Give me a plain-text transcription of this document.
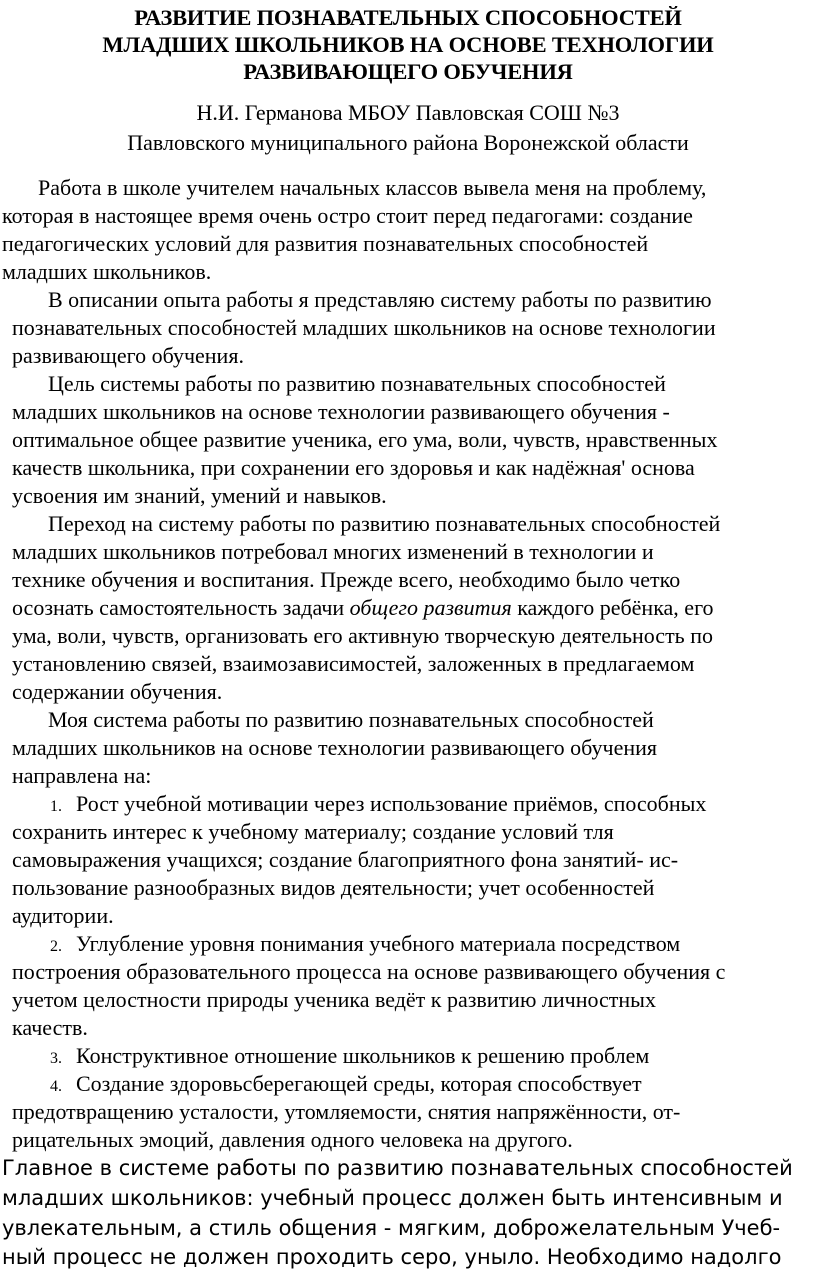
РАЗВИТИЕ ПОЗНАВАТЕЛЬНЫХ СПОСОБНОСТЕЙ
МЛАДШИХ ШКОЛЬНИКОВ НА ОСНОВЕ ТЕХНОЛОГИИ
РАЗВИВАЮЩЕГО ОБУЧЕНИЯ
Н.И. Германова МБОУ Павловская СОШ №3
Павловского муниципального района Воронежской области
Работа в школе учителем начальных классов вывела меня на проблему,
которая в настоящее время очень остро стоит перед педагогами: создание
педагогических условий для развития познавательных способностей
младших школьников.
В описании опыта работы я представляю систему работы по развитию
познавательных способностей младших школьников на основе технологии
развивающего обучения.
Цель системы работы по развитию познавательных способностей
младших школьников на основе технологии развивающего обучения -
оптимальное общее развитие ученика, его ума, воли, чувств, нравственных
качеств школьника, при сохранении его здоровья и как надёжная' основа
усвоения им знаний, умений и навыков.
Переход на систему работы по развитию познавательных способностей
младших школьников потребовал многих изменений в технологии и
технике обучения и воспитания. Прежде всего, необходимо было четко
осознать самостоятельность задачи общего развития каждого ребёнка, его
ума, воли, чувств, организовать его активную творческую деятельность по
установлению связей, взаимозависимостей, заложенных в предлагаемом
содержании обучения.
Моя система работы по развитию познавательных способностей
младших школьников на основе технологии развивающего обучения
направлена на:
1. Рост учебной мотивации через использование приёмов, способных
сохранить интерес к учебному материалу; создание условий тля
самовыражения учащихся; создание благоприятного фона занятий- ис-
пользование разнообразных видов деятельности; учет особенностей
аудитории.
2. Углубление уровня понимания учебного материала посредством
построения образовательного процесса на основе развивающего обучения с
учетом целостности природы ученика ведёт к развитию личностных
качеств.
3. Конструктивное отношение школьников к решению проблем
4. Создание здоровьсберегающей среды, которая способствует
предотвращению усталости, утомляемости, снятия напряжённости, от-
рицательных эмоций, давления одного человека на другого.
Главное в системе работы по развитию познавательных способностей
младших школьников: учебный процесс должен быть интенсивным и
увлекательным, а стиль общения - мягким, доброжелательным Учеб-
ный процесс не должен проходить серо, уныло. Необходимо надолго
